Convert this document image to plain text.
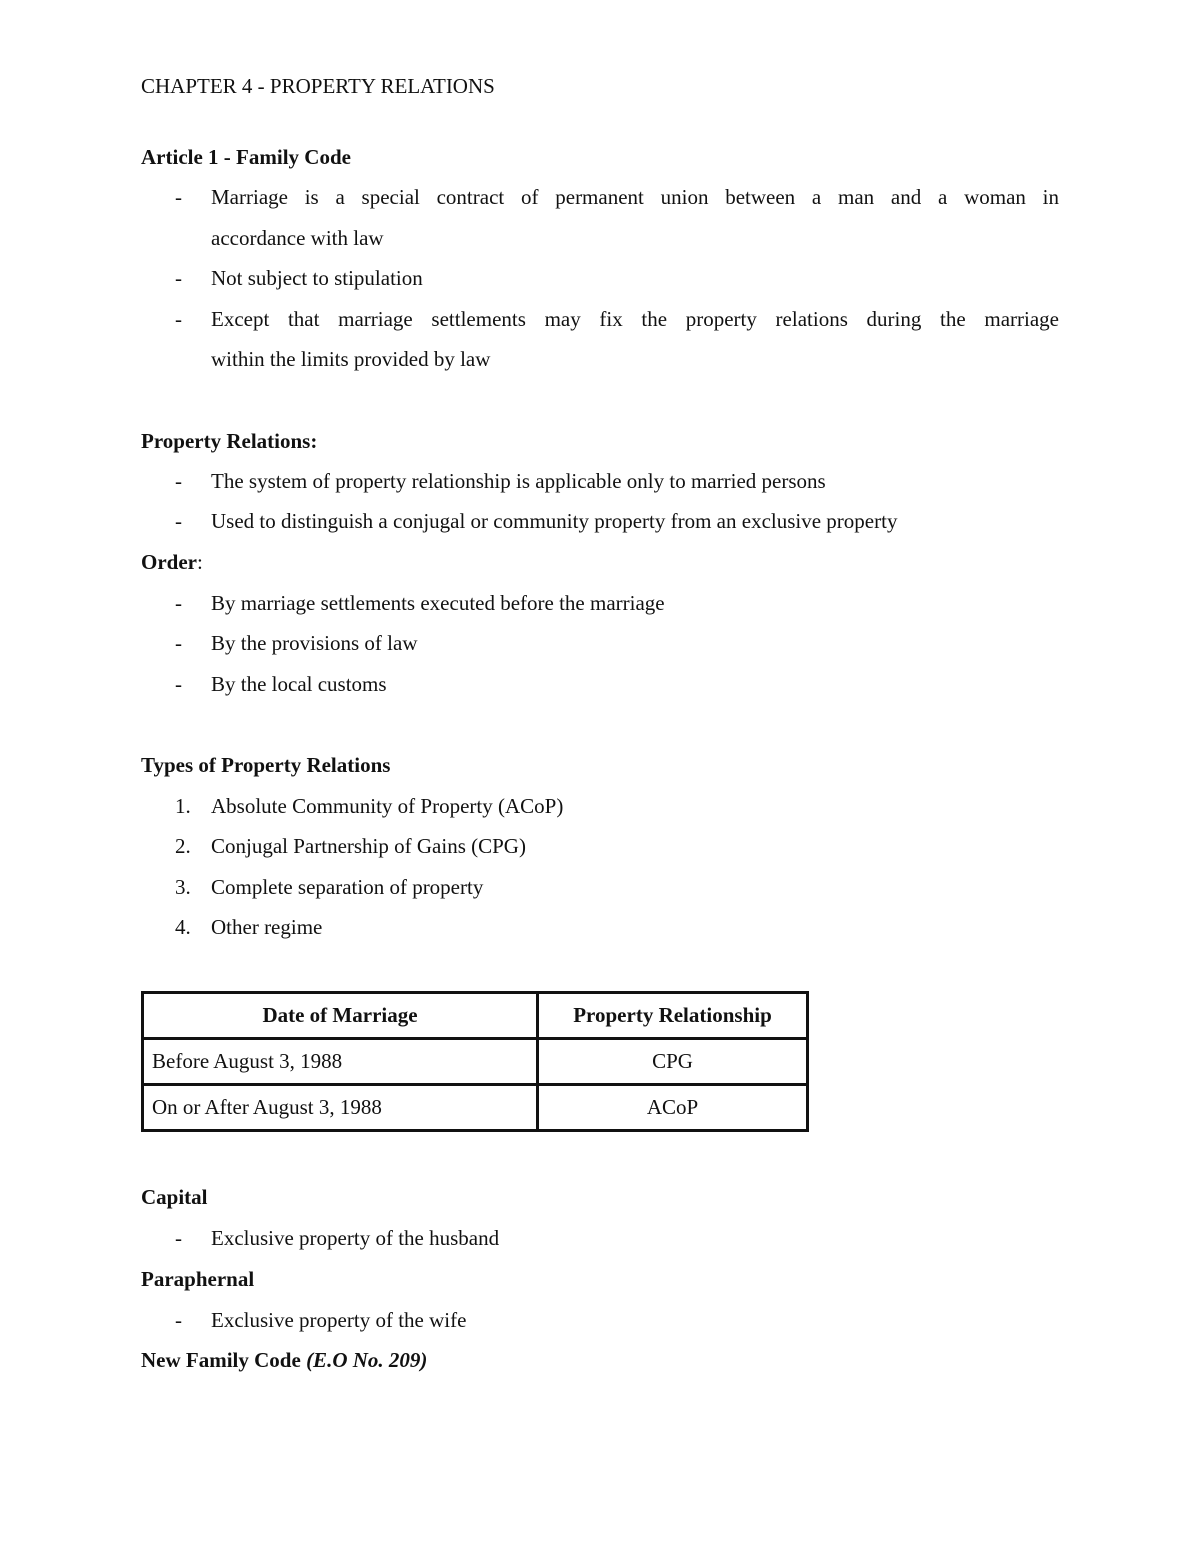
CHAPTER 4 - PROPERTY RELATIONS
Article 1 - Family Code
- Marriage is a special contract of permanent union between a man and a woman in
accordance with law
- Not subject to stipulation
- Except that marriage settlements may fix the property relations during the marriage
within the limits provided by law
Property Relations:
- The system of property relationship is applicable only to married persons
- Used to distinguish a conjugal or community property from an exclusive property
Order:
- By marriage settlements executed before the marriage
- By the provisions of law
- By the local customs
Types of Property Relations
1. Absolute Community of Property (ACoP)
2. Conjugal Partnership of Gains (CPG)
3. Complete separation of property
4. Other regime
Date of Marriage	Property Relationship
Before August 3, 1988	CPG
On or After August 3, 1988	ACoP
Capital
- Exclusive property of the husband
Paraphernal
- Exclusive property of the wife
New Family Code (E.O No. 209)
